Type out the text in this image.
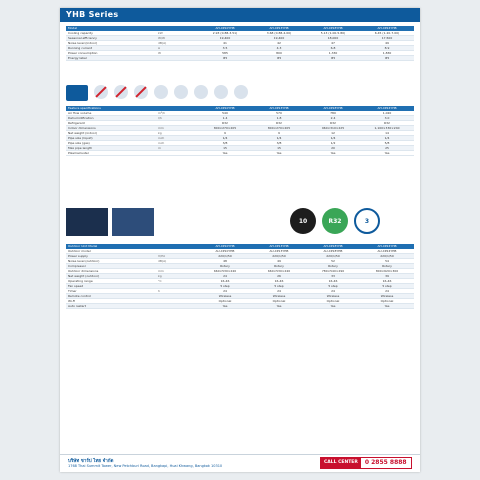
YHB Series
Model	AH-XP10YHB	AH-XP13YHB	AH-XP18YHB	AH-XP24YHB
Cooling capacity	kW	2.93 (0.88-3.51)	3.68 (0.88-4.00)	5.13 (1.00-5.80)	6.45 (1.20-7.00)
Seasonal efficiency	W/W	19,400	19,400	18,000	17,500
Noise level (indoor)	dB(A)	41	42	47	49
Running current	A	3.5	4.3	6.8	8.9
Power consumption	W	585	800	1,330	1,830
Energy label	★5	★5	★5	★5
Feature specifications	AH-XP10YHB	AH-XP13YHB	AH-XP18YHB	AH-XP24YHB
Air flow volume	m³/h	540	570	780	1,020
Dehumidification	l/h	1.4	1.8	2.4	3.0
Refrigerant	R32	R32	R32	R32
Indoor dimensions	mm	800×270×205	800×270×205	960×310×225	1,100×330×240
Net weight (indoor)	kg	9	9	12	14
Pipe size (liquid)	inch	1/4	1/4	1/4	1/4
Pipe size (gas)	inch	3/8	3/8	1/2	5/8
Max pipe length	m	15	15	20	25
Plasmacluster	Yes	Yes	Yes	Yes
10	R32	3
Outdoor Unit Model	AH-XP10YHB	AH-XP13YHB	AH-XP18YHB	AH-XP24YHB
Outdoor model	AU-XP10YHB	AU-XP13YHB	AU-XP18YHB	AU-XP24YHB
Power supply	V/Hz	220/1/50	220/1/50	220/1/50	220/1/50
Noise level (outdoor)	dB(A)	48	49	52	54
Compressor	Rotary	Rotary	Rotary	Rotary
Outdoor dimensions	mm	660×530×240	660×530×240	780×540×290	800×620×300
Net weight (outdoor)	kg	24	26	33	39
Operating range	°C	16-46	16-46	16-46	16-46
Fan speed	5 step	5 step	5 step	5 step
Timer	h	24	24	24	24
Remote control	Wireless	Wireless	Wireless	Wireless
Wi-Fi	Optional	Optional	Optional	Optional
Auto restart	Yes	Yes	Yes	Yes
บริษัท ชาร์ป ไทย จำกัด
1768 Thai Summit Tower, New Petchburi Road, Bangkapi, Huai Khwang, Bangkok 10310
CALL CENTER	0 2855 8888
